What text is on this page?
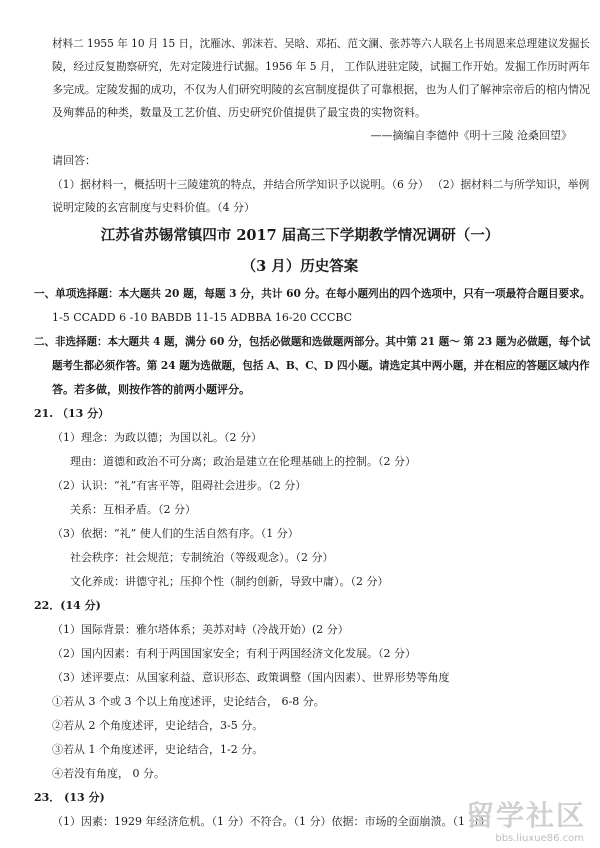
材料二 1955 年 10 月 15 日，沈雁冰、郭沫若、吴晗、邓拓、范文澜、张苏等六人联名上书周恩来总理建议发掘长
陵，经过反复勘察研究，先对定陵进行试掘。1956 年 5 月， 工作队进驻定陵，试掘工作开始。发掘工作历时两年
多完成。定陵发掘的成功，不仅为人们研究明陵的玄宫制度提供了可靠根据，也为人们了解神宗帝后的棺内情况
及殉葬品的种类，数量及工艺价值、历史研究价值提供了最宝贵的实物资料。
——摘编自李德仲《明十三陵 沧桑回望》
请回答：
（1）据材料一，概括明十三陵建筑的特点，并结合所学知识予以说明。（6 分） （2）据材料二与所学知识，举例
说明定陵的玄宫制度与史料价值。（4 分）
江苏省苏锡常镇四市 2017 届高三下学期教学情况调研（一）
（3 月）历史答案
一、单项选择题：本大题共 20 题，每题 3 分，共计 60 分。在每小题列出的四个选项中，只有一项最符合题目要求。
1-5 CCADD 6 -10 BABDB 11-15 ADBBA 16-20 CCCBC
二、非选择题：本大题共 4 题，满分 60 分，包括必做题和选做题两部分。其中第 21 题～ 第 23 题为必做题，每个试
题考生都必须作答。第 24 题为选做题，包括 A、B、C、D 四小题。请选定其中两小题，并在相应的答题区域内作
答。若多做，则按作答的前两小题评分。
21. （13 分）
（1）理念：为政以德；为国以礼。（2 分）
理由：道德和政治不可分离；政治是建立在伦理基础上的控制。（2 分）
（2）认识：“礼”有害平等，阻碍社会进步。（2 分）
关系：互相矛盾。（2 分）
（3）依据：“礼” 使人们的生活自然有序。（1 分）
社会秩序：社会规范；专制统治（等级观念）。（2 分）
文化养成：讲德守礼；压抑个性（制约创新，导致中庸）。（2 分）
22．(14 分)
（1）国际背景：雅尔塔体系；美苏对峙（冷战开始）(2 分）
（2）国内因素：有利于两国国家安全；有利于两国经济文化发展。（2 分）
（3）述评要点：从国家利益、意识形态、政策调整（国内因素）、世界形势等角度
①若从 3 个或 3 个以上角度述评，史论结合， 6-8 分。
②若从 2 个角度述评，史论结合，3-5 分。
③若从 1 个角度述评，史论结合，1-2 分。
④若没有角度， 0 分。
23． (13 分)
（1）因素：1929 年经济危机。（1 分）不符合。（1 分）依据：市场的全面崩溃。（1 分）
留学社区
bbs.liuxue86.com
